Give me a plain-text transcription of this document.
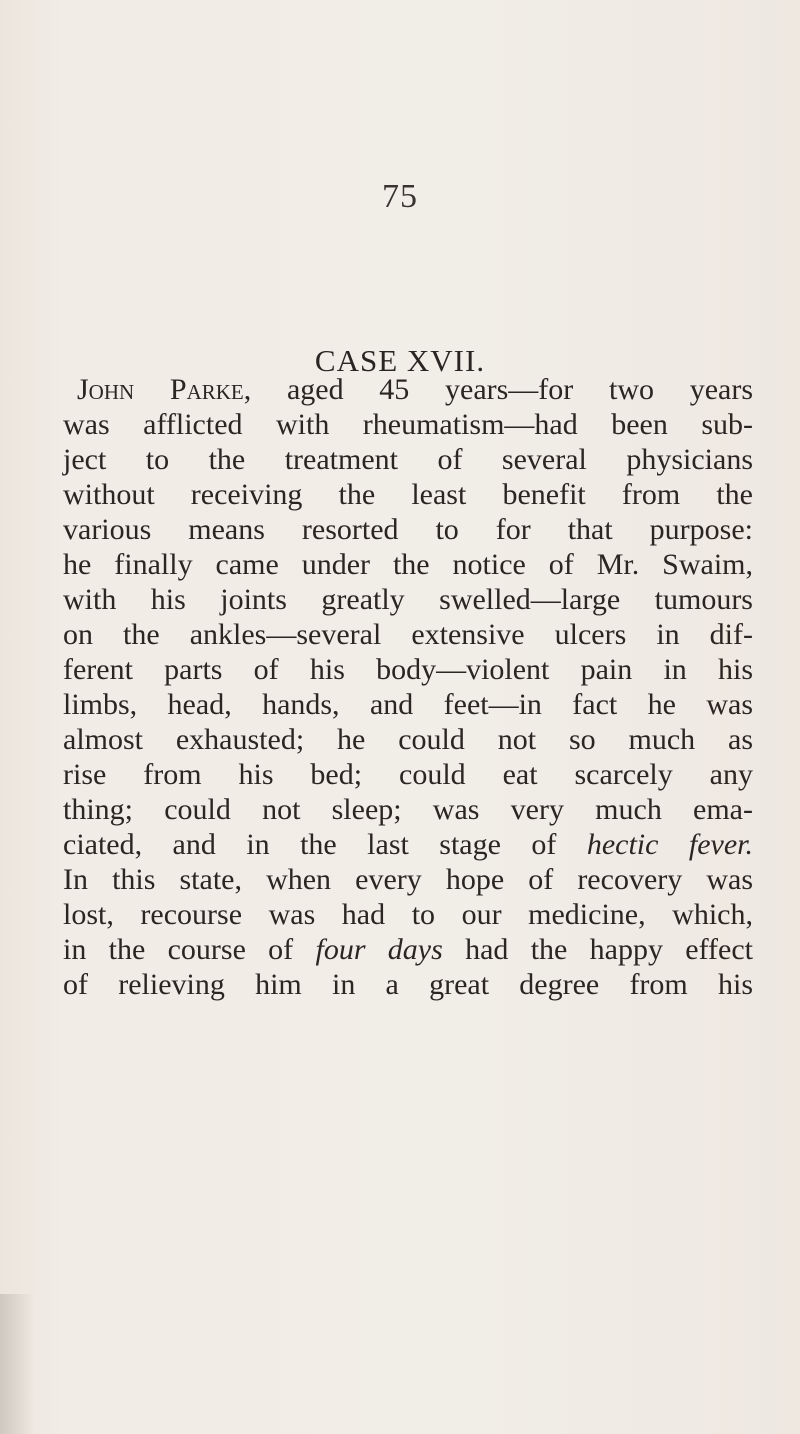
75
CASE XVII.
John Parke, aged 45 years—for two years
was afflicted with rheumatism—had been sub-
ject to the treatment of several physicians
without receiving the least benefit from the
various means resorted to for that purpose:
he finally came under the notice of Mr. Swaim,
with his joints greatly swelled—large tumours
on the ankles—several extensive ulcers in dif-
ferent parts of his body—violent pain in his
limbs, head, hands, and feet—in fact he was
almost exhausted; he could not so much as
rise from his bed; could eat scarcely any
thing; could not sleep; was very much ema-
ciated, and in the last stage of hectic fever.
In this state, when every hope of recovery was
lost, recourse was had to our medicine, which,
in the course of four days had the happy effect
of relieving him in a great degree from his
